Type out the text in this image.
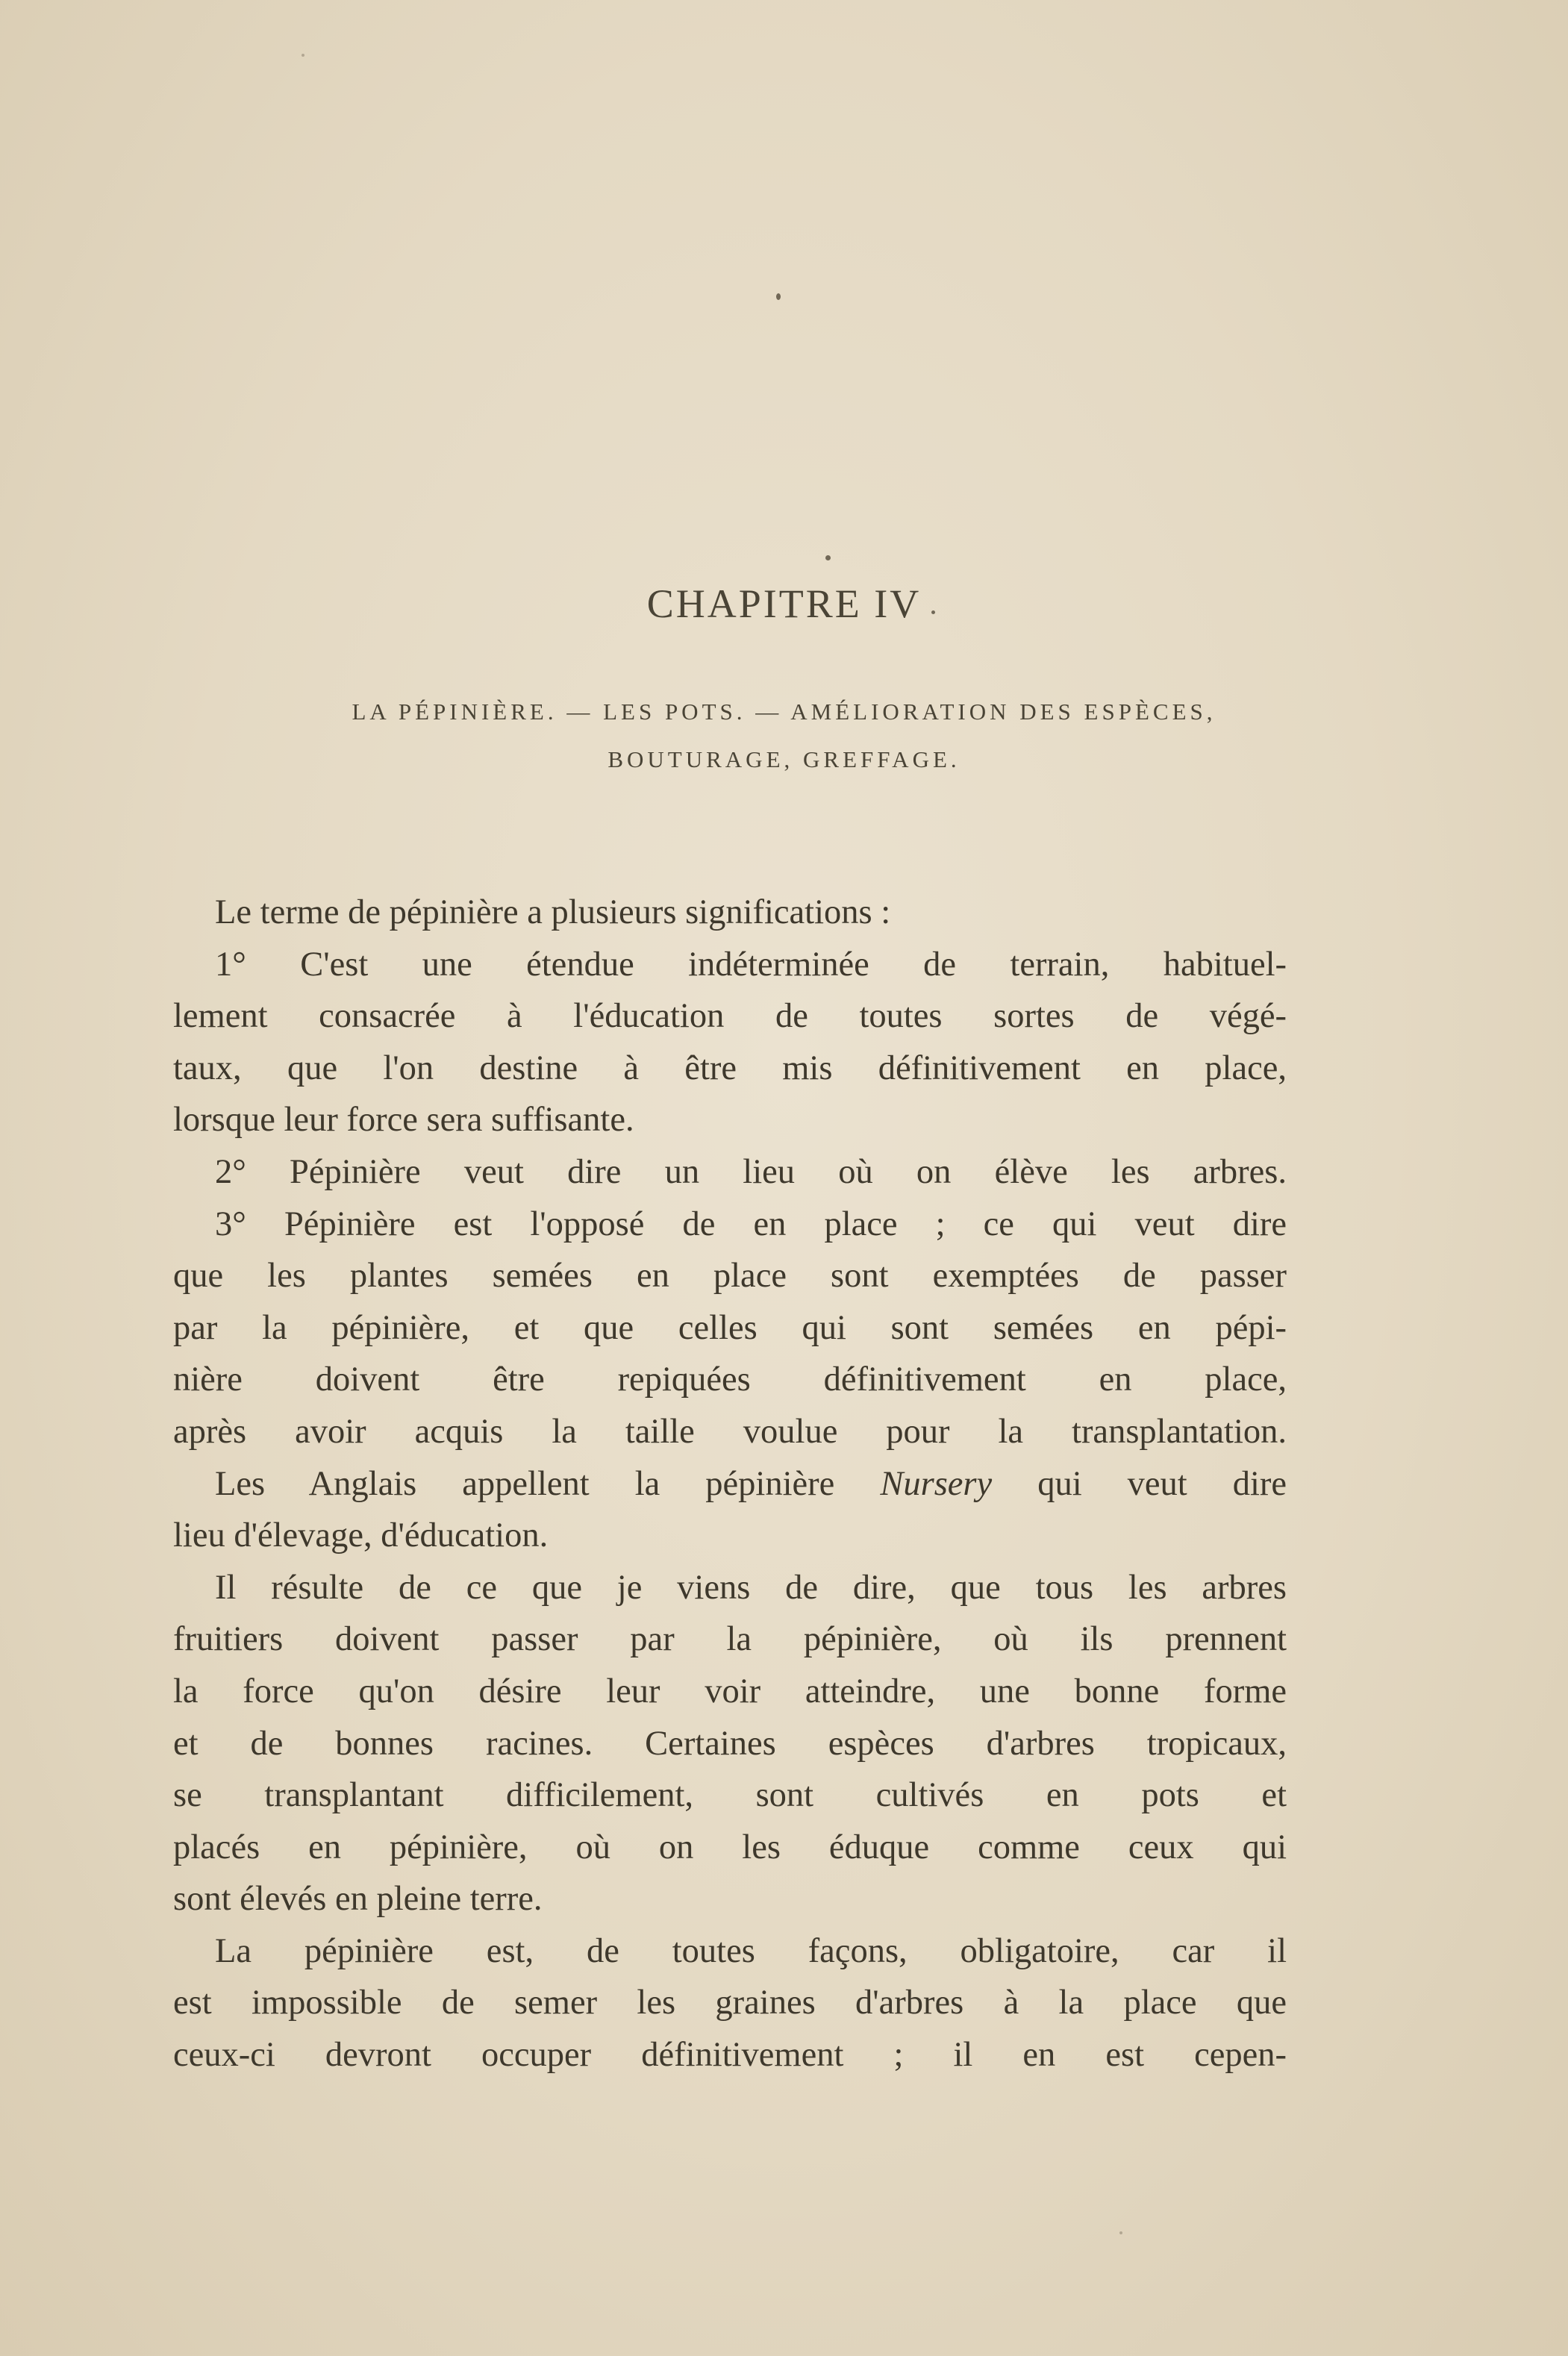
CHAPITRE IV
LA PÉPINIÈRE. — LES POTS. — AMÉLIORATION DES ESPÈCES,
BOUTURAGE, GREFFAGE.
Le terme de pépinière a plusieurs significations :
1° C'est une étendue indéterminée de terrain, habituel-
lement consacrée à l'éducation de toutes sortes de végé-
taux, que l'on destine à être mis définitivement en place,
lorsque leur force sera suffisante.
2° Pépinière veut dire un lieu où on élève les arbres.
3° Pépinière est l'opposé de en place ; ce qui veut dire
que les plantes semées en place sont exemptées de passer
par la pépinière, et que celles qui sont semées en pépi-
nière doivent être repiquées définitivement en place,
après avoir acquis la taille voulue pour la transplantation.
Les Anglais appellent la pépinière Nursery qui veut dire
lieu d'élevage, d'éducation.
Il résulte de ce que je viens de dire, que tous les arbres
fruitiers doivent passer par la pépinière, où ils prennent
la force qu'on désire leur voir atteindre, une bonne forme
et de bonnes racines. Certaines espèces d'arbres tropicaux,
se transplantant difficilement, sont cultivés en pots et
placés en pépinière, où on les éduque comme ceux qui
sont élevés en pleine terre.
La pépinière est, de toutes façons, obligatoire, car il
est impossible de semer les graines d'arbres à la place que
ceux-ci devront occuper définitivement ; il en est cepen-
